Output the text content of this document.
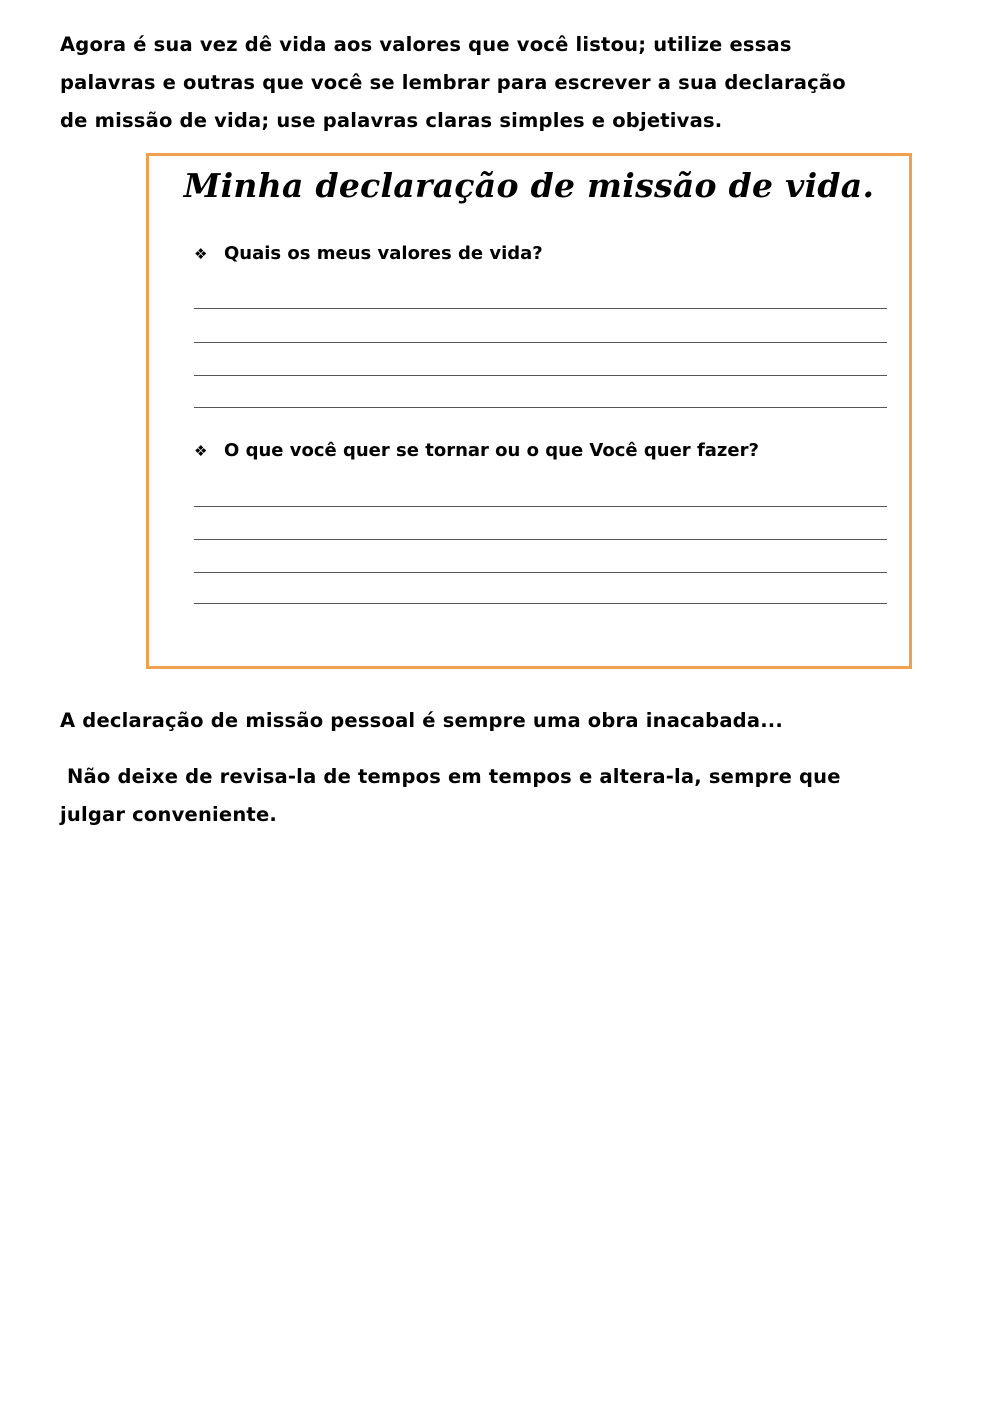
Agora é sua vez dê vida aos valores que você listou; utilize essas
palavras e outras que você se lembrar para escrever a sua declaração
de missão de vida; use palavras claras simples e objetivas.

Minha declaração de missão de vida.
❖ Quais os meus valores de vida?
❖ O que você quer se tornar ou o que Você quer fazer?

A declaração de missão pessoal é sempre uma obra inacabada...

Não deixe de revisa-la de tempos em tempos e altera-la, sempre que
julgar conveniente.
